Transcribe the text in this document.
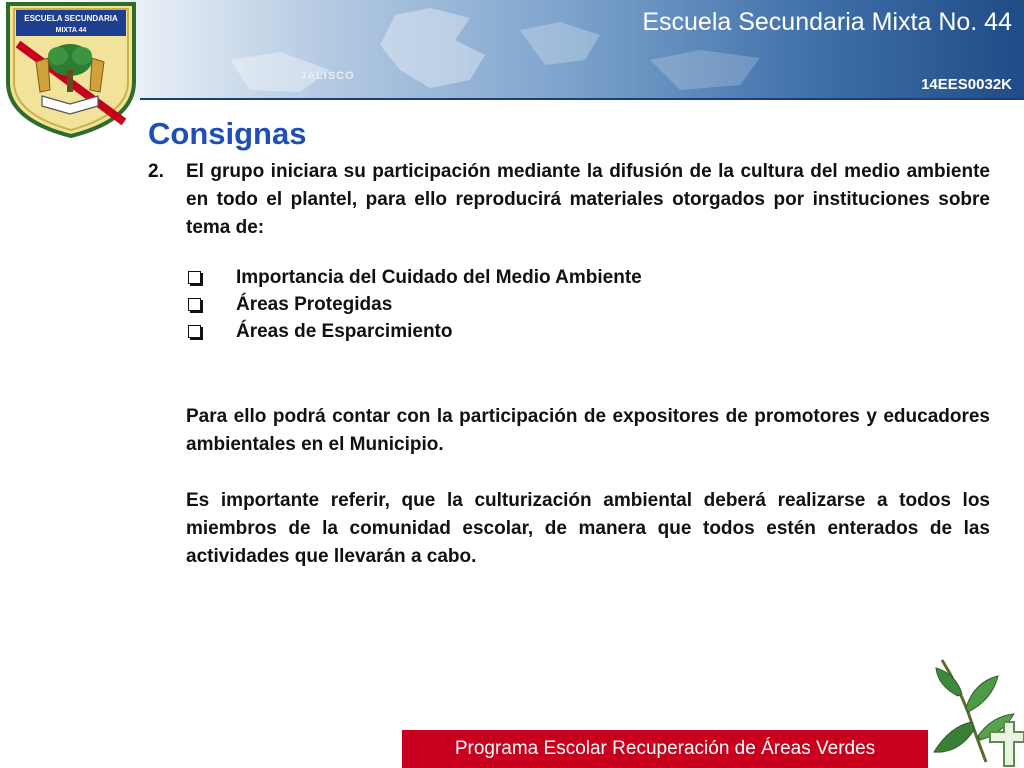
JALISCO
Escuela Secundaria Mixta No. 44
14EES0032K
ESCUELA SECUNDARIA
MIXTA 44
Consignas
2. El grupo iniciara su participación mediante la difusión de la cultura del medio ambiente en todo el plantel, para ello reproducirá materiales otorgados por instituciones sobre tema de:
Importancia del Cuidado del Medio Ambiente
Áreas Protegidas
Áreas de Esparcimiento

Para ello podrá contar con la participación de expositores de promotores y educadores ambientales en el Municipio.

Es importante referir, que la culturización ambiental deberá realizarse a todos los miembros de la comunidad escolar, de manera que todos estén enterados de las actividades que llevarán a cabo.

Programa Escolar Recuperación de Áreas Verdes
